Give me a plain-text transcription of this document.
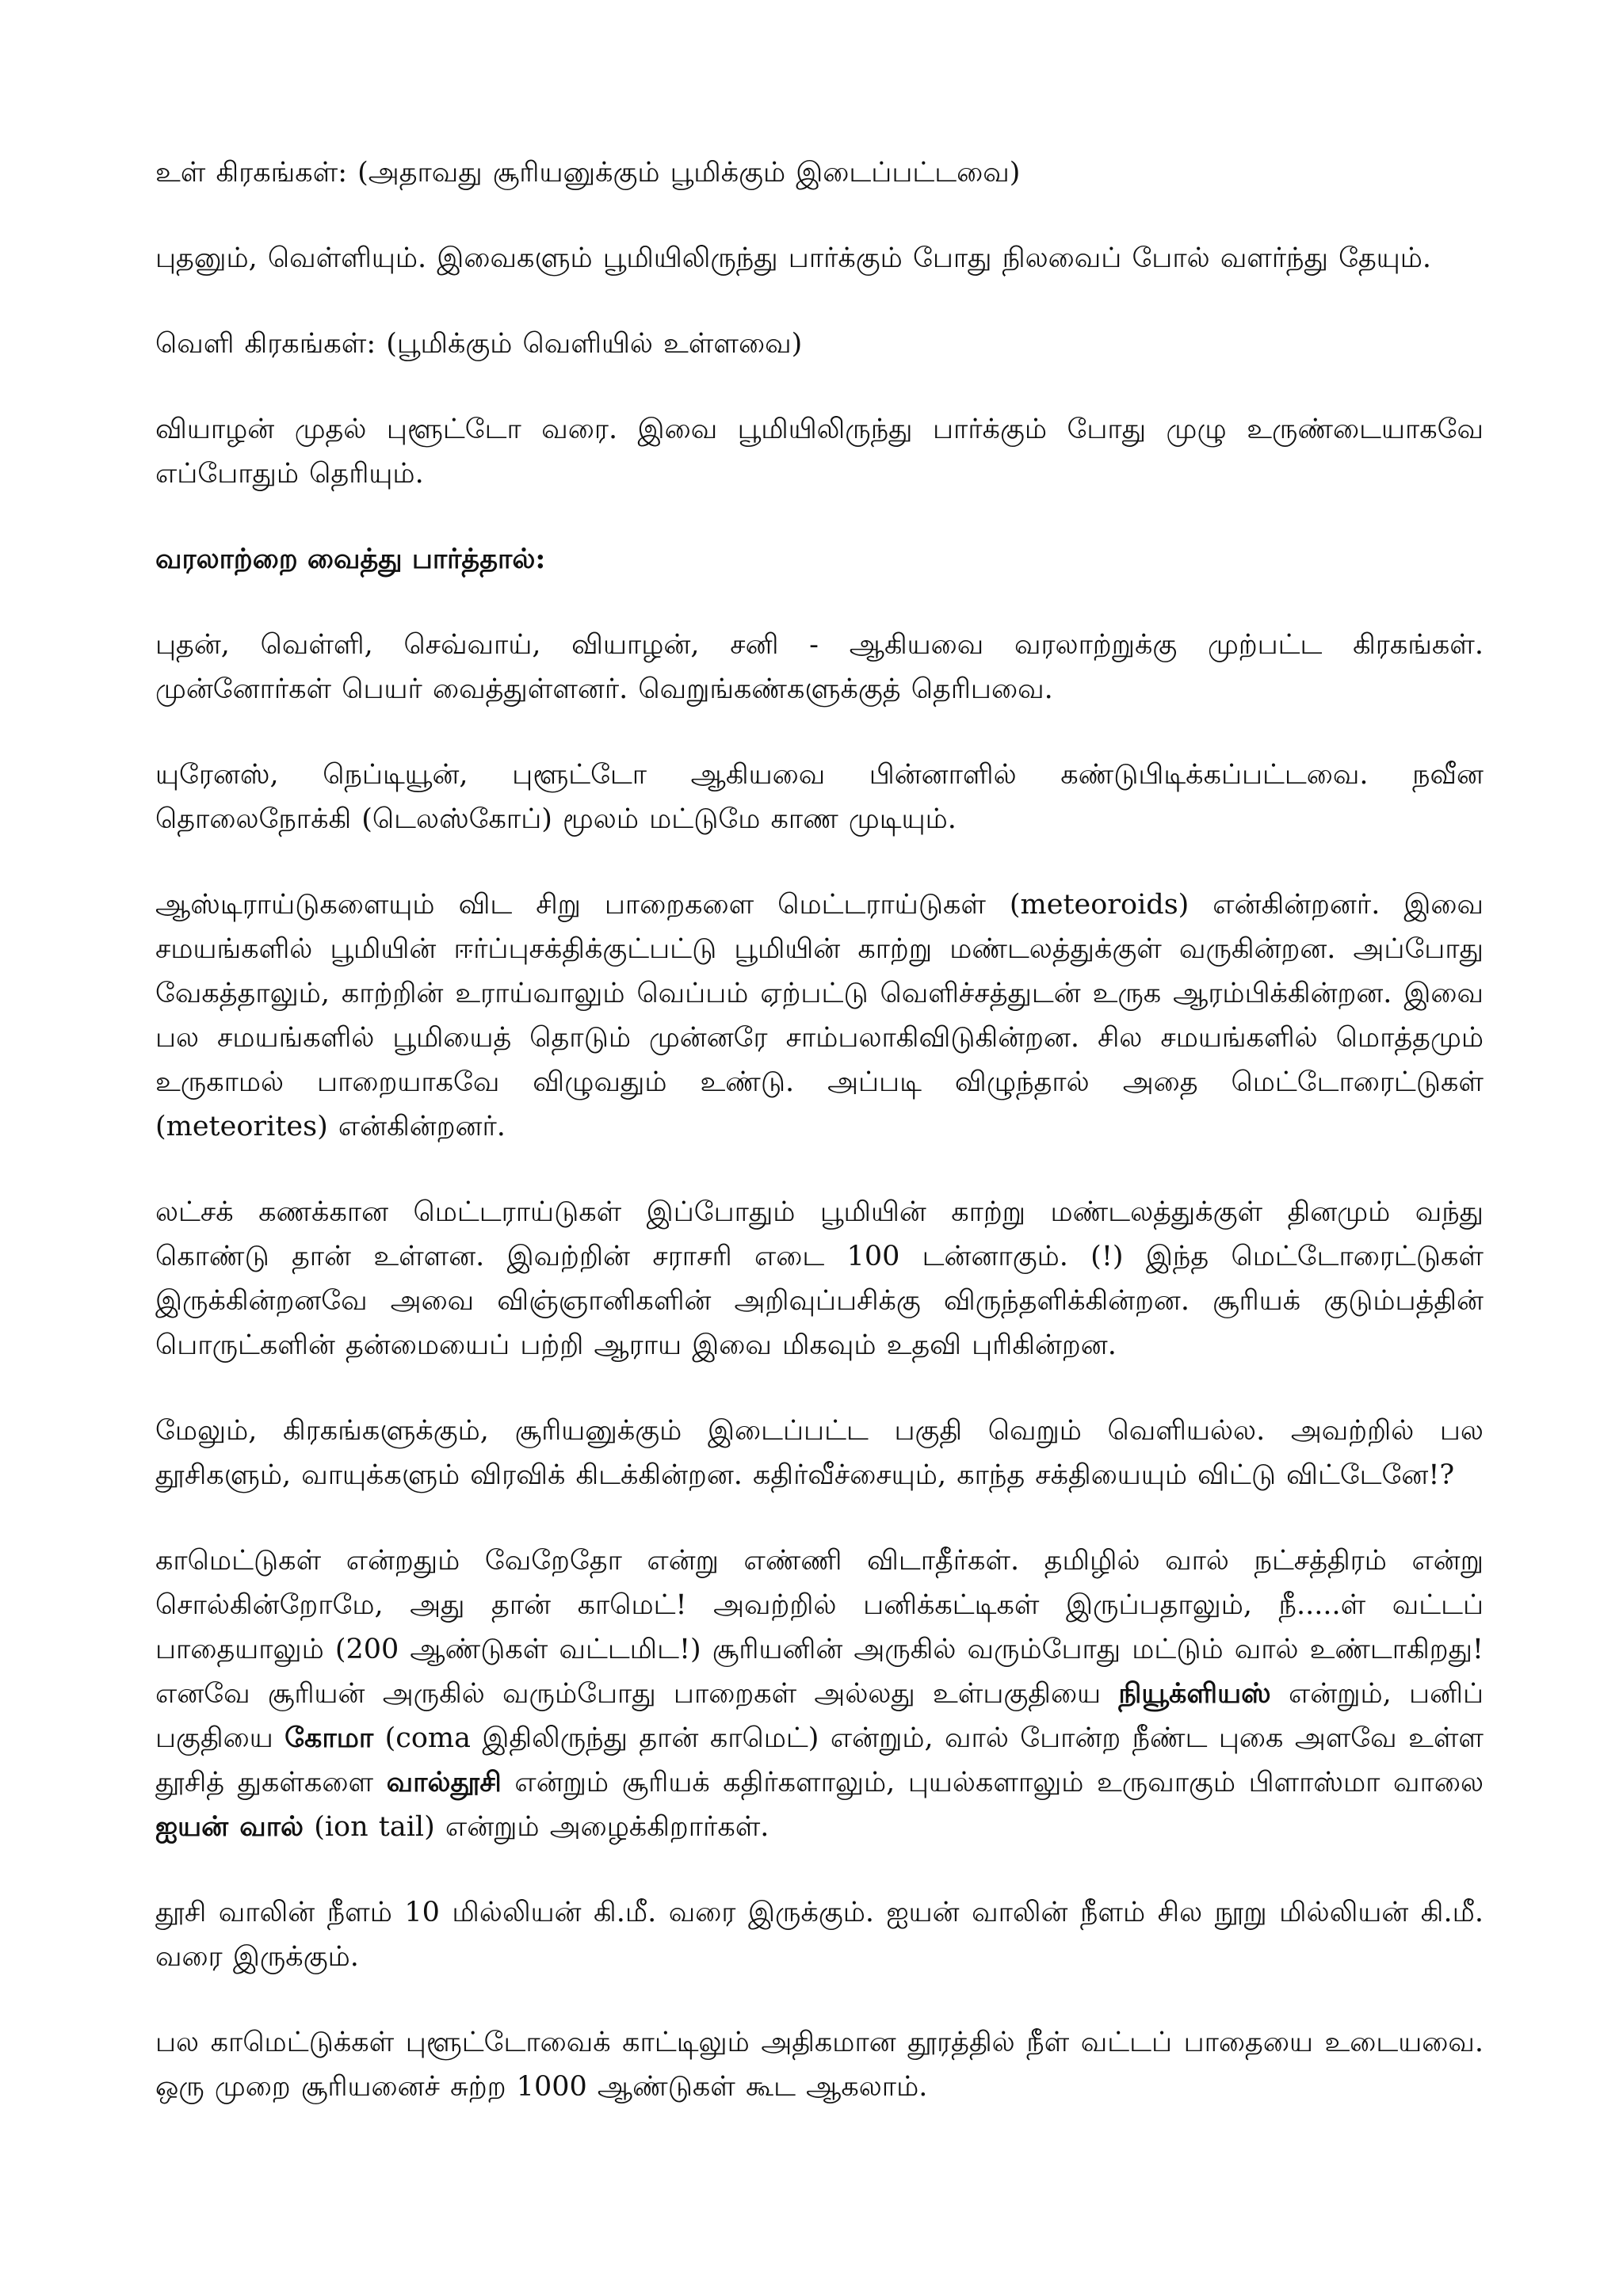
உள் கிரகங்கள்: (அதாவது சூரியனுக்கும் பூமிக்கும் இடைப்பட்டவை)

புதனும், வெள்ளியும். இவைகளும் பூமியிலிருந்து பார்க்கும் போது நிலவைப் போல் வளர்ந்து தேயும்.

வெளி கிரகங்கள்: (பூமிக்கும் வெளியில் உள்ளவை)

வியாழன் முதல் புளூட்டோ வரை. இவை பூமியிலிருந்து பார்க்கும் போது முழு உருண்டையாகவே எப்போதும் தெரியும்.

வரலாற்றை வைத்து பார்த்தால்:

புதன், வெள்ளி, செவ்வாய், வியாழன், சனி - ஆகியவை வரலாற்றுக்கு முற்பட்ட கிரகங்கள். முன்னோர்கள் பெயர் வைத்துள்ளனர். வெறுங்கண்களுக்குத் தெரிபவை.

யுரேனஸ், நெப்டியூன், புளூட்டோ ஆகியவை பின்னாளில் கண்டுபிடிக்கப்பட்டவை. நவீன தொலைநோக்கி (டெலஸ்கோப்) மூலம் மட்டுமே காண முடியும்.

ஆஸ்டிராய்டுகளையும் விட சிறு பாறைகளை மெட்டராய்டுகள் (meteoroids) என்கின்றனர். இவை சமயங்களில் பூமியின் ஈர்ப்புசக்திக்குட்பட்டு பூமியின் காற்று மண்டலத்துக்குள் வருகின்றன. அப்போது வேகத்தாலும், காற்றின் உராய்வாலும் வெப்பம் ஏற்பட்டு வெளிச்சத்துடன் உருக ஆரம்பிக்கின்றன. இவை பல சமயங்களில் பூமியைத் தொடும் முன்னரே சாம்பலாகிவிடுகின்றன. சில சமயங்களில் மொத்தமும் உருகாமல் பாறையாகவே விழுவதும் உண்டு. அப்படி விழுந்தால் அதை மெட்டோரைட்டுகள் (meteorites) என்கின்றனர்.

லட்சக் கணக்கான மெட்டராய்டுகள் இப்போதும் பூமியின் காற்று மண்டலத்துக்குள் தினமும் வந்து கொண்டு தான் உள்ளன. இவற்றின் சராசரி எடை 100 டன்னாகும். (!) இந்த மெட்டோரைட்டுகள் இருக்கின்றனவே அவை விஞ்ஞானிகளின் அறிவுப்பசிக்கு விருந்தளிக்கின்றன. சூரியக் குடும்பத்தின் பொருட்களின் தன்மையைப் பற்றி ஆராய இவை மிகவும் உதவி புரிகின்றன.

மேலும், கிரகங்களுக்கும், சூரியனுக்கும் இடைப்பட்ட பகுதி வெறும் வெளியல்ல. அவற்றில் பல தூசிகளும், வாயுக்களும் விரவிக் கிடக்கின்றன. கதிர்வீச்சையும், காந்த சக்தியையும் விட்டு விட்டேனே!?

காமெட்டுகள் என்றதும் வேறேதோ என்று எண்ணி விடாதீர்கள். தமிழில் வால் நட்சத்திரம் என்று சொல்கின்றோமே, அது தான் காமெட்! அவற்றில் பனிக்கட்டிகள் இருப்பதாலும், நீ.....ள் வட்டப் பாதையாலும் (200 ஆண்டுகள் வட்டமிட!) சூரியனின் அருகில் வரும்போது மட்டும் வால் உண்டாகிறது! எனவே சூரியன் அருகில் வரும்போது பாறைகள் அல்லது உள்பகுதியை நியூக்ளியஸ் என்றும், பனிப் பகுதியை கோமா (coma இதிலிருந்து தான் காமெட்) என்றும், வால் போன்ற நீண்ட புகை அளவே உள்ள தூசித் துகள்களை வால்தூசி என்றும் சூரியக் கதிர்களாலும், புயல்களாலும் உருவாகும் பிளாஸ்மா வாலை ஐயன் வால் (ion tail) என்றும் அழைக்கிறார்கள்.

தூசி வாலின் நீளம் 10 மில்லியன் கி.மீ. வரை இருக்கும். ஐயன் வாலின் நீளம் சில நூறு மில்லியன் கி.மீ. வரை இருக்கும்.

பல காமெட்டுக்கள் புளூட்டோவைக் காட்டிலும் அதிகமான தூரத்தில் நீள் வட்டப் பாதையை உடையவை. ஒரு முறை சூரியனைச் சுற்ற 1000 ஆண்டுகள் கூட ஆகலாம்.
